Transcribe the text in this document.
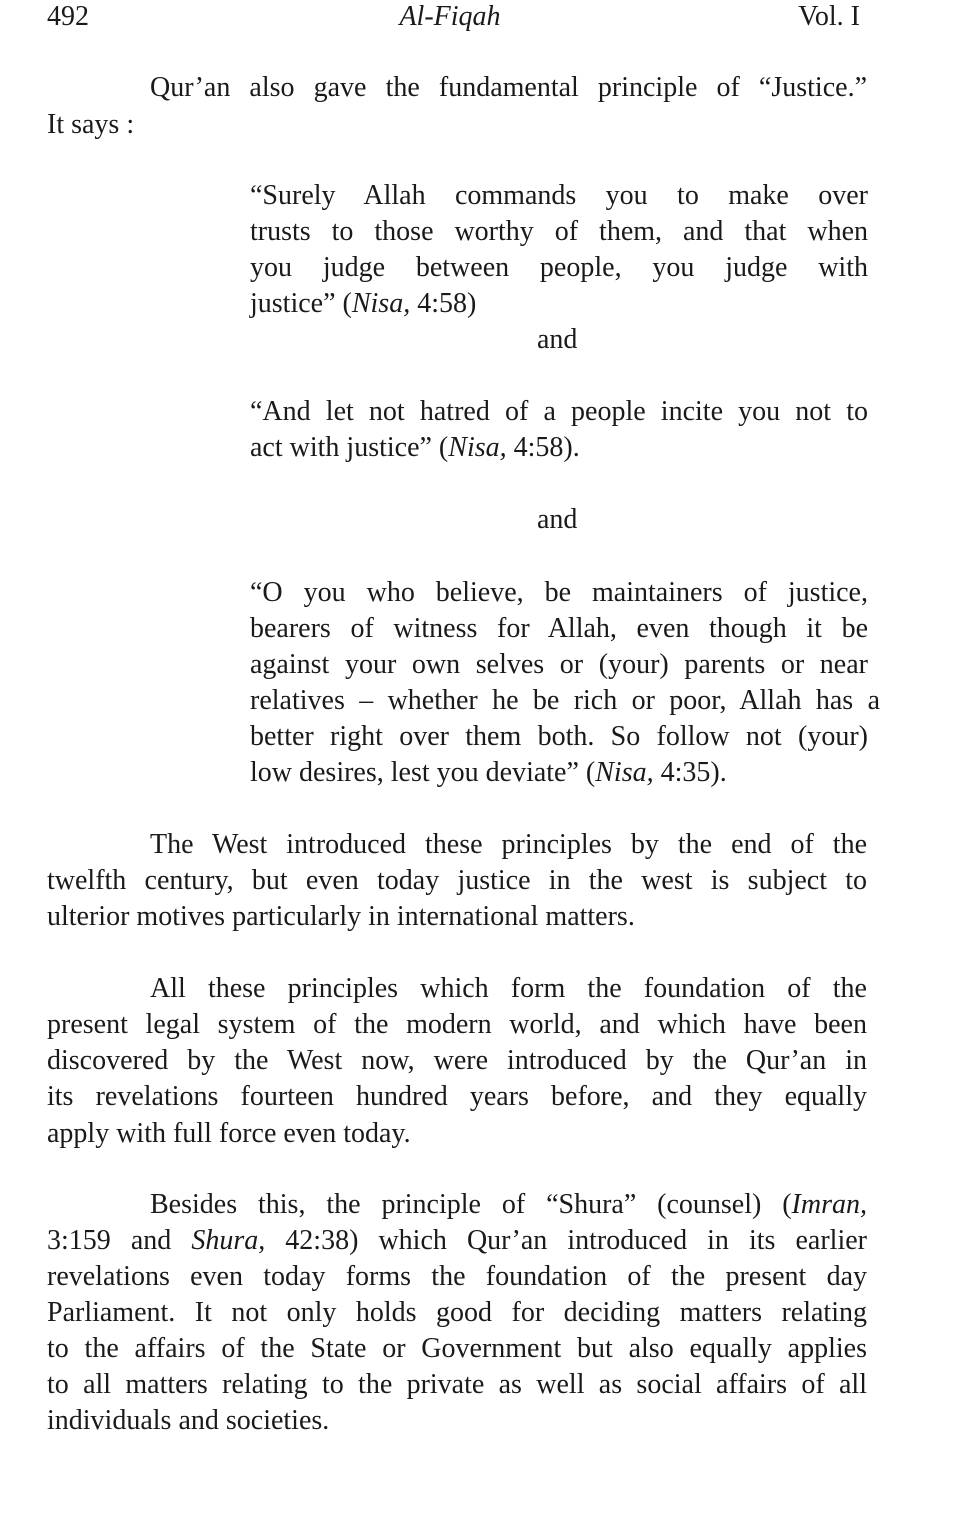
492	Al-Fiqah	Vol. I
Qur’an also gave the fundamental principle of “Justice.”
It says :
“Surely Allah commands you to make over
trusts to those worthy of them, and that when
you judge between people, you judge with
justice” (Nisa, 4:58)
and
“And let not hatred of a people incite you not to
act with justice” (Nisa, 4:58).
and
“O you who believe, be maintainers of justice,
bearers of witness for Allah, even though it be
against your own selves or (your) parents or near
relatives – whether he be rich or poor, Allah has a
better right over them both. So follow not (your)
low desires, lest you deviate” (Nisa, 4:35).
The West introduced these principles by the end of the
twelfth century, but even today justice in the west is subject to
ulterior motives particularly in international matters.
All these principles which form the foundation of the
present legal system of the modern world, and which have been
discovered by the West now, were introduced by the Qur’an in
its revelations fourteen hundred years before, and they equally
apply with full force even today.
Besides this, the principle of “Shura” (counsel) (Imran,
3:159 and Shura, 42:38) which Qur’an introduced in its earlier
revelations even today forms the foundation of the present day
Parliament. It not only holds good for deciding matters relating
to the affairs of the State or Government but also equally applies
to all matters relating to the private as well as social affairs of all
individuals and societies.
